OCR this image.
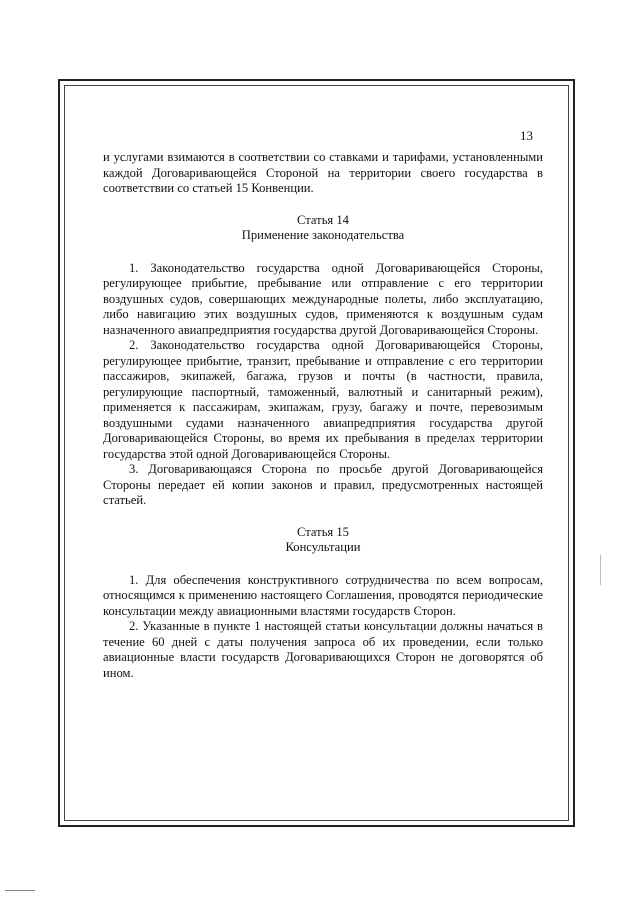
13

и услугами взимаются в соответствии со ставками и тарифами, установленными каждой Договаривающейся Стороной на территории своего государства в соответствии со статьей 15 Конвенции.

Статья 14

Применение законодательства

1. Законодательство государства одной Договаривающейся Стороны, регулирующее прибытие, пребывание или отправление с его территории воздушных судов, совершающих международные полеты, либо эксплуатацию, либо навигацию этих воздушных судов, применяются к воздушным судам назначенного авиапредприятия государства другой Договаривающейся Стороны.

2. Законодательство государства одной Договаривающейся Стороны, регулирующее прибытие, транзит, пребывание и отправление с его территории пассажиров, экипажей, багажа, грузов и почты (в частности, правила, регулирующие паспортный, таможенный, валютный и санитарный режим), применяется к пассажирам, экипажам, грузу, багажу и почте, перевозимым воздушными судами назначенного авиапредприятия государства другой Договаривающейся Стороны, во время их пребывания в пределах территории государства этой одной Договаривающейся Стороны.

3. Договаривающаяся Сторона по просьбе другой Договаривающейся Стороны передает ей копии законов и правил, предусмотренных настоящей статьей.

Статья 15

Консультации

1. Для обеспечения конструктивного сотрудничества по всем вопросам, относящимся к применению настоящего Соглашения, проводятся периодические консультации между авиационными властями государств Сторон.

2. Указанные в пункте 1 настоящей статьи консультации должны начаться в течение 60 дней с даты получения запроса об их проведении, если только авиационные власти государств Договаривающихся Сторон не договорятся об ином.
